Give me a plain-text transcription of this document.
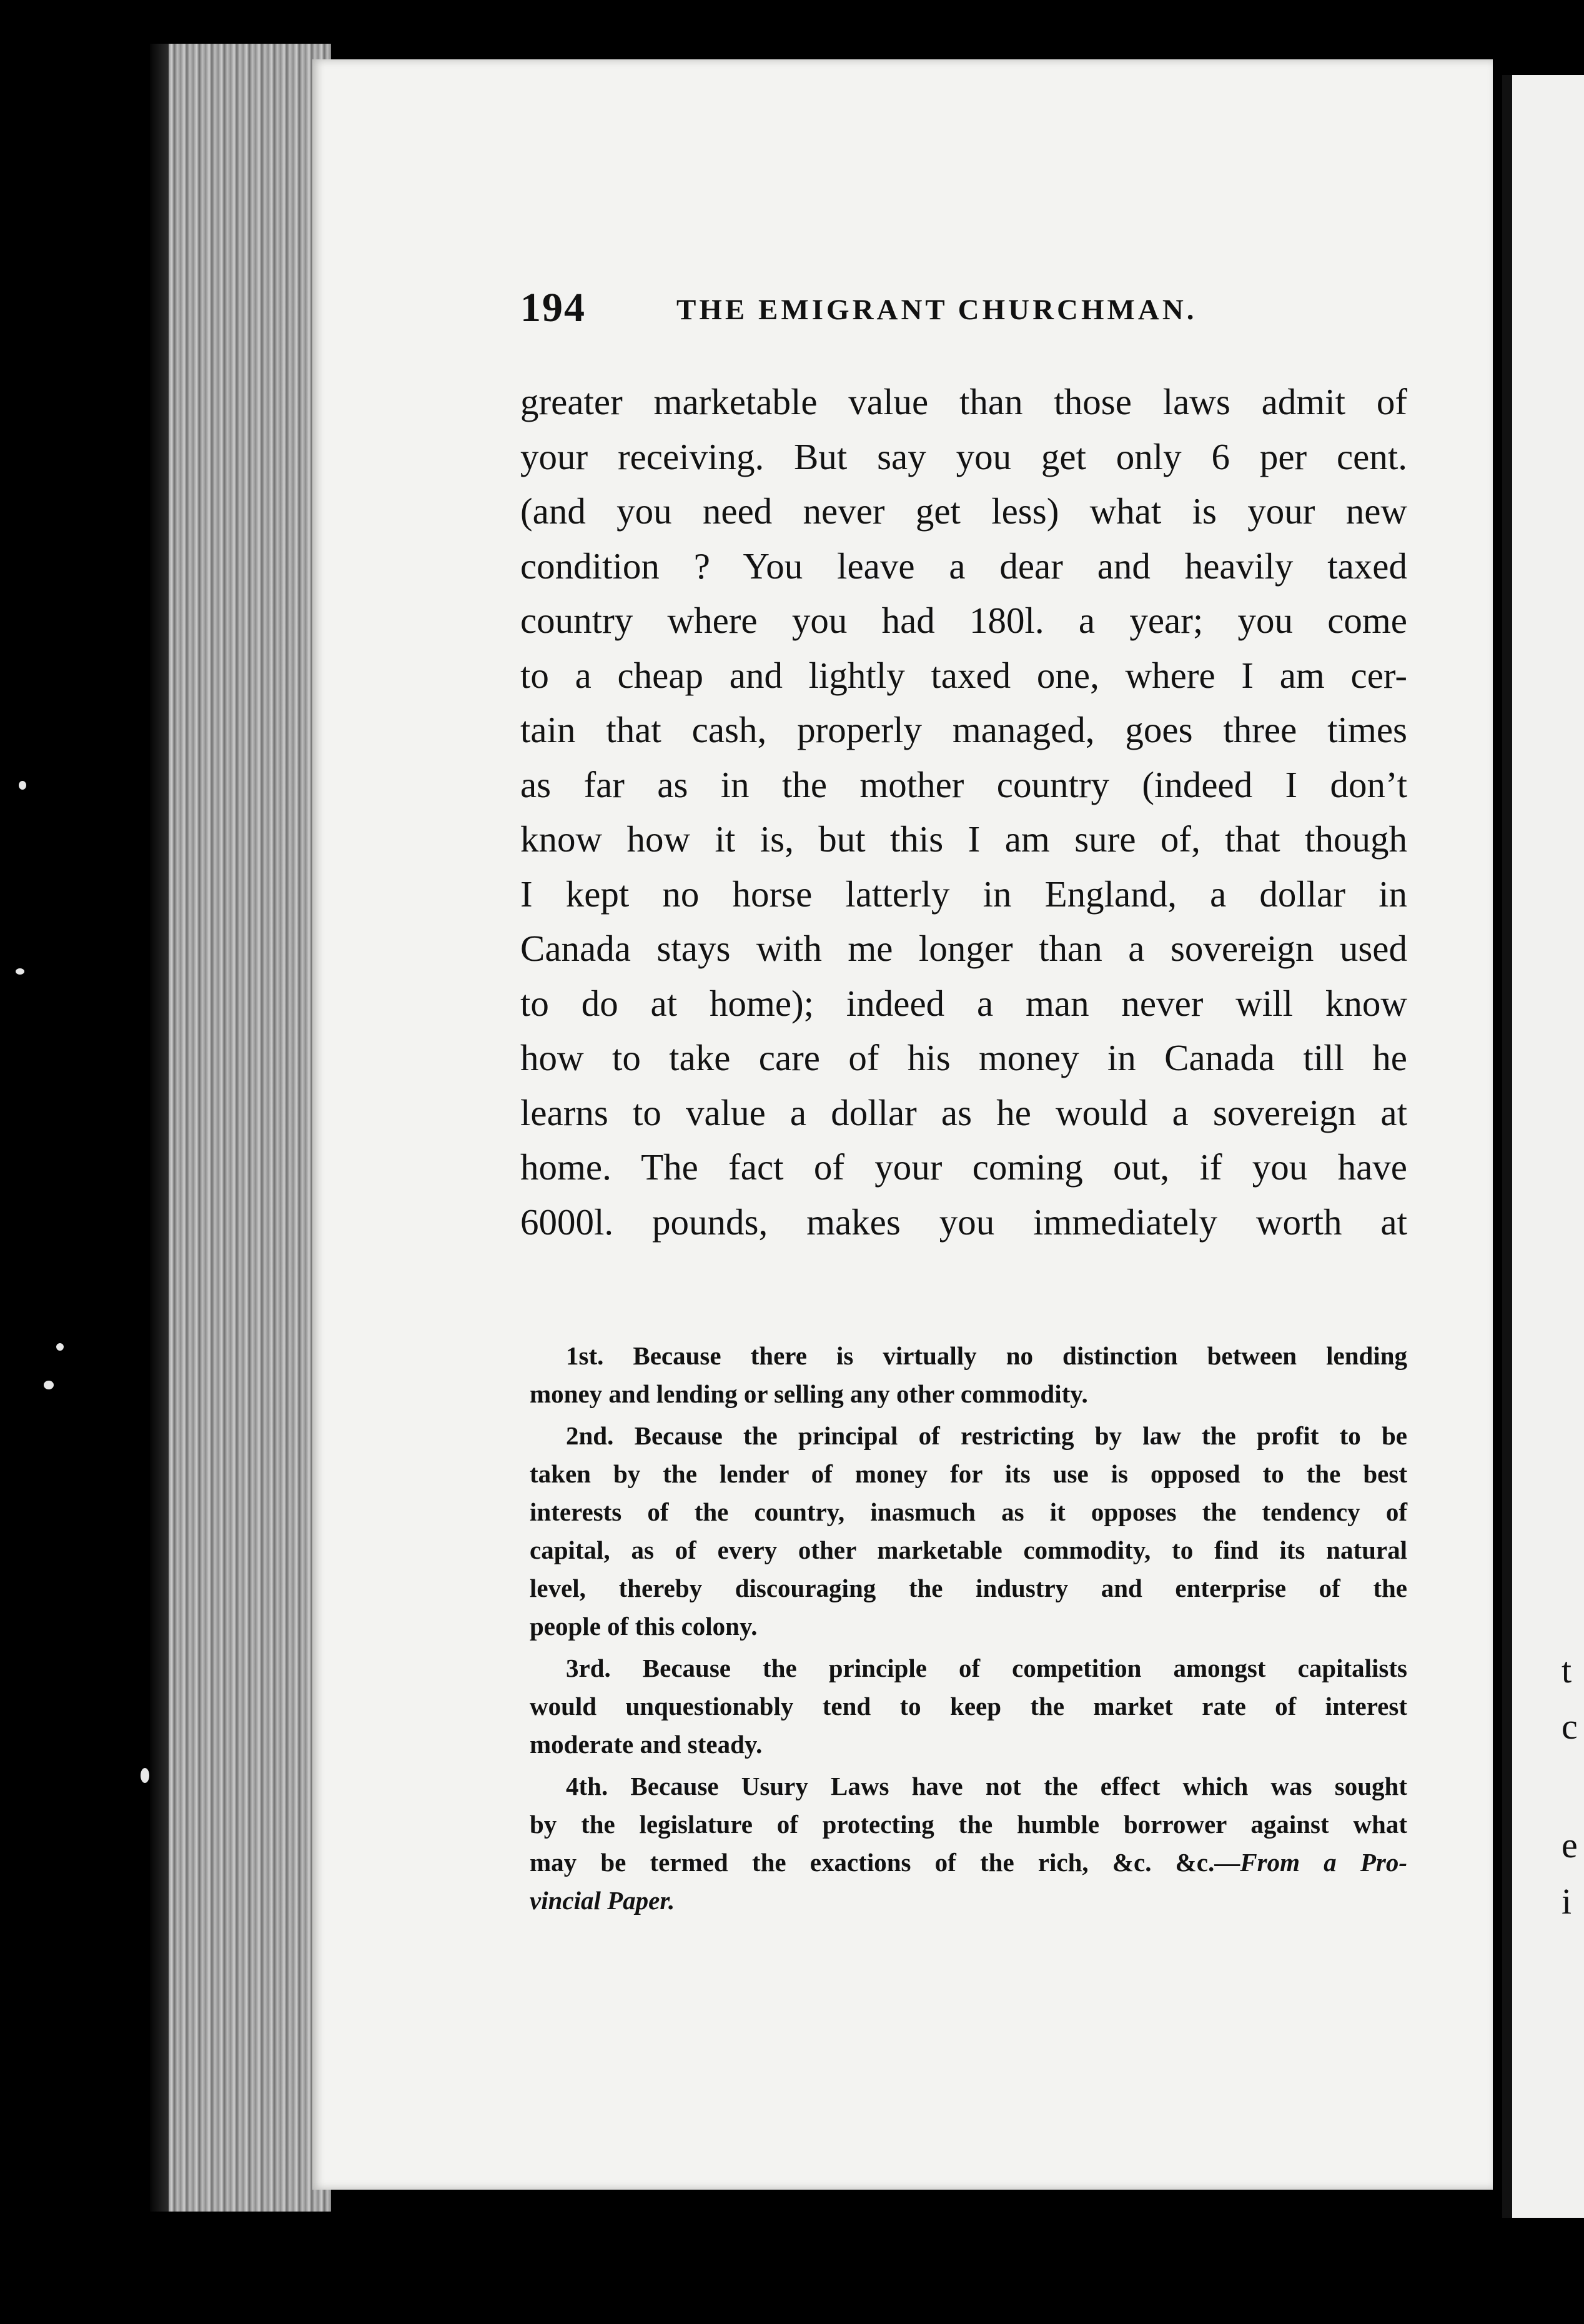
t
c
e
i
194	THE EMIGRANT CHURCHMAN.
greater marketable value than those laws admit of
your receiving. But say you get only 6 per cent.
(and you need never get less) what is your new
condition ? You leave a dear and heavily taxed
country where you had 180l. a year; you come
to a cheap and lightly taxed one, where I am cer-
tain that cash, properly managed, goes three times
as far as in the mother country (indeed I don’t
know how it is, but this I am sure of, that though
I kept no horse latterly in England, a dollar in
Canada stays with me longer than a sovereign used
to do at home); indeed a man never will know
how to take care of his money in Canada till he
learns to value a dollar as he would a sovereign at
home. The fact of your coming out, if you have
6000l. pounds, makes you immediately worth at
1st. Because there is virtually no distinction between lending
money and lending or selling any other commodity.
2nd. Because the principal of restricting by law the profit to be
taken by the lender of money for its use is opposed to the best
interests of the country, inasmuch as it opposes the tendency of
capital, as of every other marketable commodity, to find its natural
level, thereby discouraging the industry and enterprise of the
people of this colony.
3rd. Because the principle of competition amongst capitalists
would unquestionably tend to keep the market rate of interest
moderate and steady.
4th. Because Usury Laws have not the effect which was sought
by the legislature of protecting the humble borrower against what
may be termed the exactions of the rich, &c. &c.—From a Pro-
vincial Paper.
